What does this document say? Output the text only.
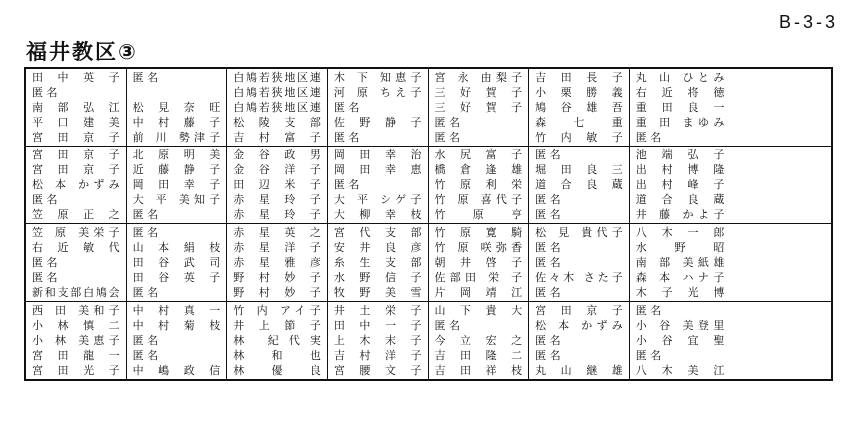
B-3-3
福井教区③
田 中 英 子
匿 名
南 部 弘 江
平 口 建 美
宮 田 京 子
匿 名
松 見 奈 旺
中 村 藤 子
前 川 勢津子
白鳩若狭地区連
白鳩若狭地区連
白鳩若狭地区連
松 陵 支 部
吉 村 富 子
木 下 知恵子
河 原 ちえ子
匿 名
佐 野 静 子
匿 名
宮 永 由梨子
三 好 賀 子
三 好 賀 子
匿 名
匿 名
吉 田 長 子
小 栗 勝 義
鳩 谷 雄 吾
森 七 重
竹 内 敏 子
丸 山 ひとみ
右 近 将 徳
重 田 良 一
重 田 まゆみ
匿 名
宮 田 京 子
宮 田 京 子
松 本 かずみ
匿 名
笠 原 正 之
北 原 明 美
近 藤 静 子
岡 田 幸 子
大 平 美知子
匿 名
金 谷 政 男
金 谷 洋 子
田 辺 米 子
赤 星 玲 子
赤 星 玲 子
岡 田 幸 治
岡 田 幸 恵
匿 名
大 平 シゲ子
大 柳 幸 枝
水 尻 富 子
橋 倉 逢 雄
竹 原 利 栄
竹 原 喜代子
竹 原 亨
匿 名
堀 田 良 三
道 合 良 蔵
匿 名
匿 名
池 端 弘 子
出 村 博 隆
出 村 峰 子
道 合 良 蔵
井 藤 かよ子
笠 原 美栄子
右 近 敏 代
匿 名
匿 名
新和支部白鳩会
匿 名
山 本 絹 枝
田 谷 武 司
田 谷 英 子
匿 名
赤 星 英 之
赤 星 洋 子
赤 星 雅 彦
野 村 妙 子
野 村 妙 子
宮 代 支 部
安 井 良 彦
糸 生 支 部
水 野 信 子
牧 野 美 雪
竹 原 寛 騎
竹 原 咲弥香
朝 井 啓 子
佐部田 栄 子
片 岡 靖 江
松 見 貴代子
匿 名
匿 名
佐々木 さた子
匿 名
八 木 一 郎
水 野 昭
南 部 美紙雄
森 本 ハナ子
木 子 光 博
西 田 美和子
小 林 慎 二
小 林 美恵子
宮 田 龍 一
宮 田 光 子
中 村 真 一
中 村 菊 枝
匿 名
匿 名
中 嶋 政 信
竹 内 アイ子
井 上 節 子
林 紀代実
林 和 也
林 優 良
井 土 栄 子
田 中 一 子
上 木 末 子
吉 村 洋 子
宮 腰 文 子
山 下 貴 大
匿 名
今 立 宏 之
吉 田 隆 二
吉 田 祥 枝
宮 田 京 子
松 本 かずみ
匿 名
匿 名
丸 山 継 雄
匿 名
小 谷 美登里
小 谷 宜 聖
匿 名
八 木 美 江
